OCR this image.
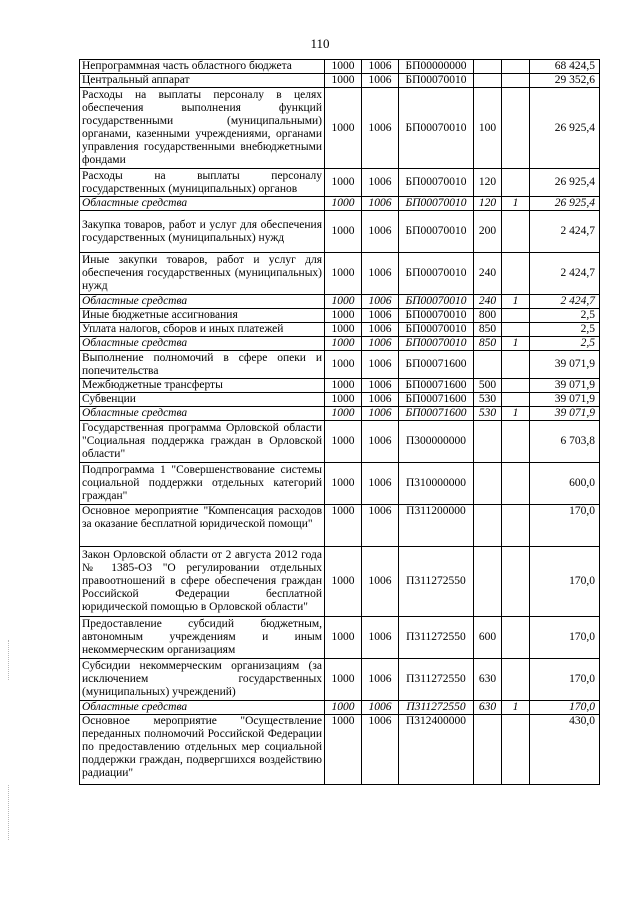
110
Непрограммная часть областного бюджета	1000	1006	БП00000000			68 424,5
Центральный аппарат	1000	1006	БП00070010			29 352,6
Расходы на выплаты персоналу в целях обеспечения выполнения функций государственными (муниципальными) органами, казенными учреждениями, органами управления государственными внебюджетными фондами	1000	1006	БП00070010	100		26 925,4
Расходы на выплаты персоналу государственных (муниципальных) органов	1000	1006	БП00070010	120		26 925,4
Областные средства	1000	1006	БП00070010	120	1	26 925,4
Закупка товаров, работ и услуг для обеспечения государственных (муниципальных) нужд	1000	1006	БП00070010	200		2 424,7
Иные закупки товаров, работ и услуг для обеспечения государственных (муниципальных) нужд	1000	1006	БП00070010	240		2 424,7
Областные средства	1000	1006	БП00070010	240	1	2 424,7
Иные бюджетные ассигнования	1000	1006	БП00070010	800		2,5
Уплата налогов, сборов и иных платежей	1000	1006	БП00070010	850		2,5
Областные средства	1000	1006	БП00070010	850	1	2,5
Выполнение полномочий в сфере опеки и попечительства	1000	1006	БП00071600			39 071,9
Межбюджетные трансферты	1000	1006	БП00071600	500		39 071,9
Субвенции	1000	1006	БП00071600	530		39 071,9
Областные средства	1000	1006	БП00071600	530	1	39 071,9
Государственная программа Орловской области "Социальная поддержка граждан в Орловской области"	1000	1006	П300000000			6 703,8
Подпрограмма 1 "Совершенствование системы социальной поддержки отдельных категорий граждан"	1000	1006	П310000000			600,0
Основное мероприятие "Компенсация расходов за оказание бесплатной юридической помощи"	1000	1006	П311200000			170,0
Закон Орловской области от 2 августа 2012 года № 1385-ОЗ "О регулировании отдельных правоотношений в сфере обеспечения граждан Российской Федерации бесплатной юридической помощью в Орловской области"	1000	1006	П311272550			170,0
Предоставление субсидий бюджетным, автономным учреждениям и иным некоммерческим организациям	1000	1006	П311272550	600		170,0
Субсидии некоммерческим организациям (за исключением государственных (муниципальных) учреждений)	1000	1006	П311272550	630		170,0
Областные средства	1000	1006	П311272550	630	1	170,0
Основное мероприятие "Осуществление переданных полномочий Российской Федерации по предоставлению отдельных мер социальной поддержки граждан, подвергшихся воздействию радиации"	1000	1006	П312400000			430,0
